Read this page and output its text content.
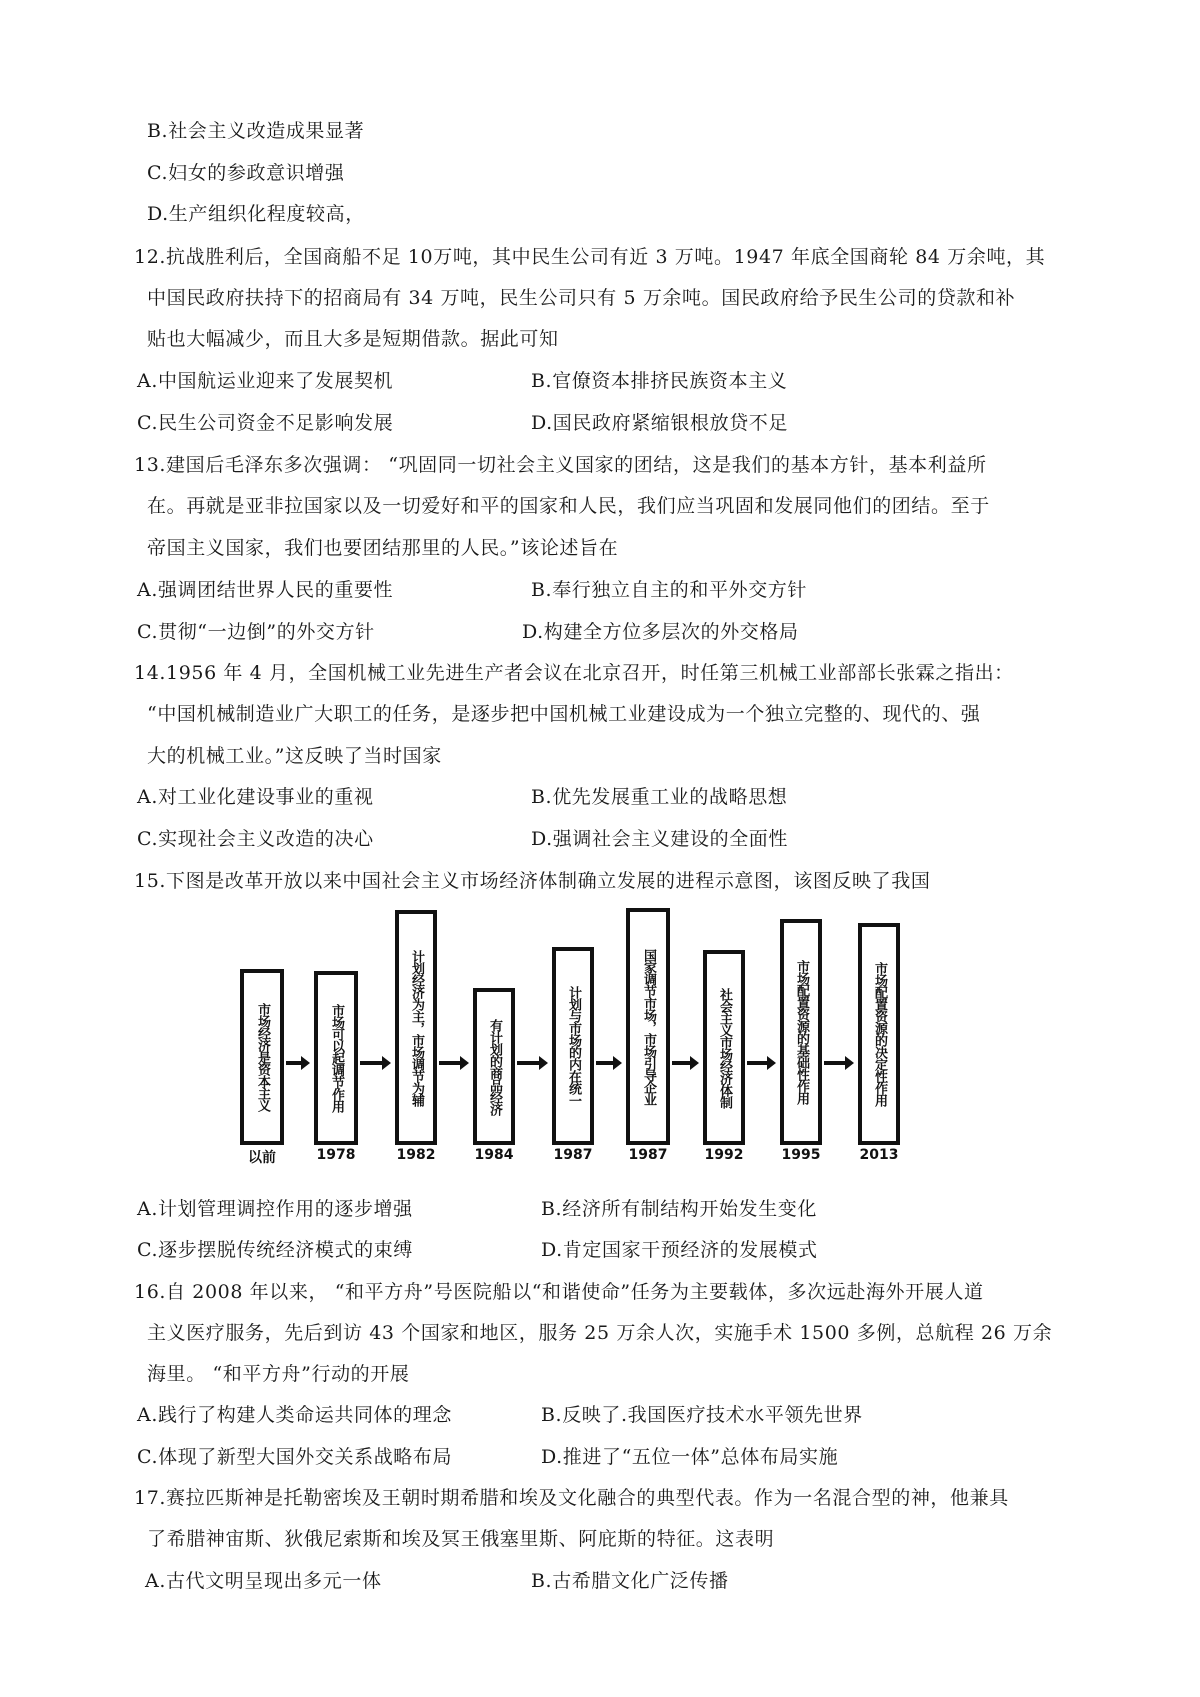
B.社会主义改造成果显著
C.妇女的参政意识增强
D.生产组织化程度较高，
12.抗战胜利后，全国商船不足 10万吨，其中民生公司有近 3 万吨。1947 年底全国商轮 84 万余吨，其
中国民政府扶持下的招商局有 34 万吨，民生公司只有 5 万余吨。国民政府给予民生公司的贷款和补
贴也大幅减少，而且大多是短期借款。据此可知
A.中国航运业迎来了发展契机	B.官僚资本排挤民族资本主义
C.民生公司资金不足影响发展	D.国民政府紧缩银根放贷不足
13.建国后毛泽东多次强调： “巩固同一切社会主义国家的团结，这是我们的基本方针，基本利益所
在。再就是亚非拉国家以及一切爱好和平的国家和人民，我们应当巩固和发展同他们的团结。至于
帝国主义国家，我们也要团结那里的人民。”该论述旨在
A.强调团结世界人民的重要性	B.奉行独立自主的和平外交方针
C.贯彻“一边倒”的外交方针	D.构建全方位多层次的外交格局
14.1956 年 4 月，全国机械工业先进生产者会议在北京召开，时任第三机械工业部部长张霖之指出：
“中国机械制造业广大职工的任务，是逐步把中国机械工业建设成为一个独立完整的、现代的、强
大的机械工业。”这反映了当时国家
A.对工业化建设事业的重视	B.优先发展重工业的战略思想
C.实现社会主义改造的决心	D.强调社会主义建设的全面性
15.下图是改革开放以来中国社会主义市场经济体制确立发展的进程示意图，该图反映了我国
市场经济是资本主义
以前
市场可以起调节作用
1978
计划经济为主，市场调节为辅
1982
有计划的商品经济
1984
计划与市场的内在统一
1987
国家调节市场，市场引导企业
1987
社会主义市场经济体制
1992
市场配置资源的基础性作用
1995
市场配置资源的决定性作用
2013
A.计划管理调控作用的逐步增强	B.经济所有制结构开始发生变化
C.逐步摆脱传统经济模式的束缚	D.肯定国家干预经济的发展模式
16.自 2008 年以来， “和平方舟”号医院船以“和谐使命”任务为主要载体，多次远赴海外开展人道
主义医疗服务，先后到访 43 个国家和地区，服务 25 万余人次，实施手术 1500 多例，总航程 26 万余
海里。 “和平方舟”行动的开展
A.践行了构建人类命运共同体的理念	B.反映了.我国医疗技术水平领先世界
C.体现了新型大国外交关系战略布局	D.推进了“五位一体”总体布局实施
17.赛拉匹斯神是托勒密埃及王朝时期希腊和埃及文化融合的典型代表。作为一名混合型的神，他兼具
了希腊神宙斯、狄俄尼索斯和埃及冥王俄塞里斯、阿庇斯的特征。这表明
A.古代文明呈现出多元一体	B.古希腊文化广泛传播
